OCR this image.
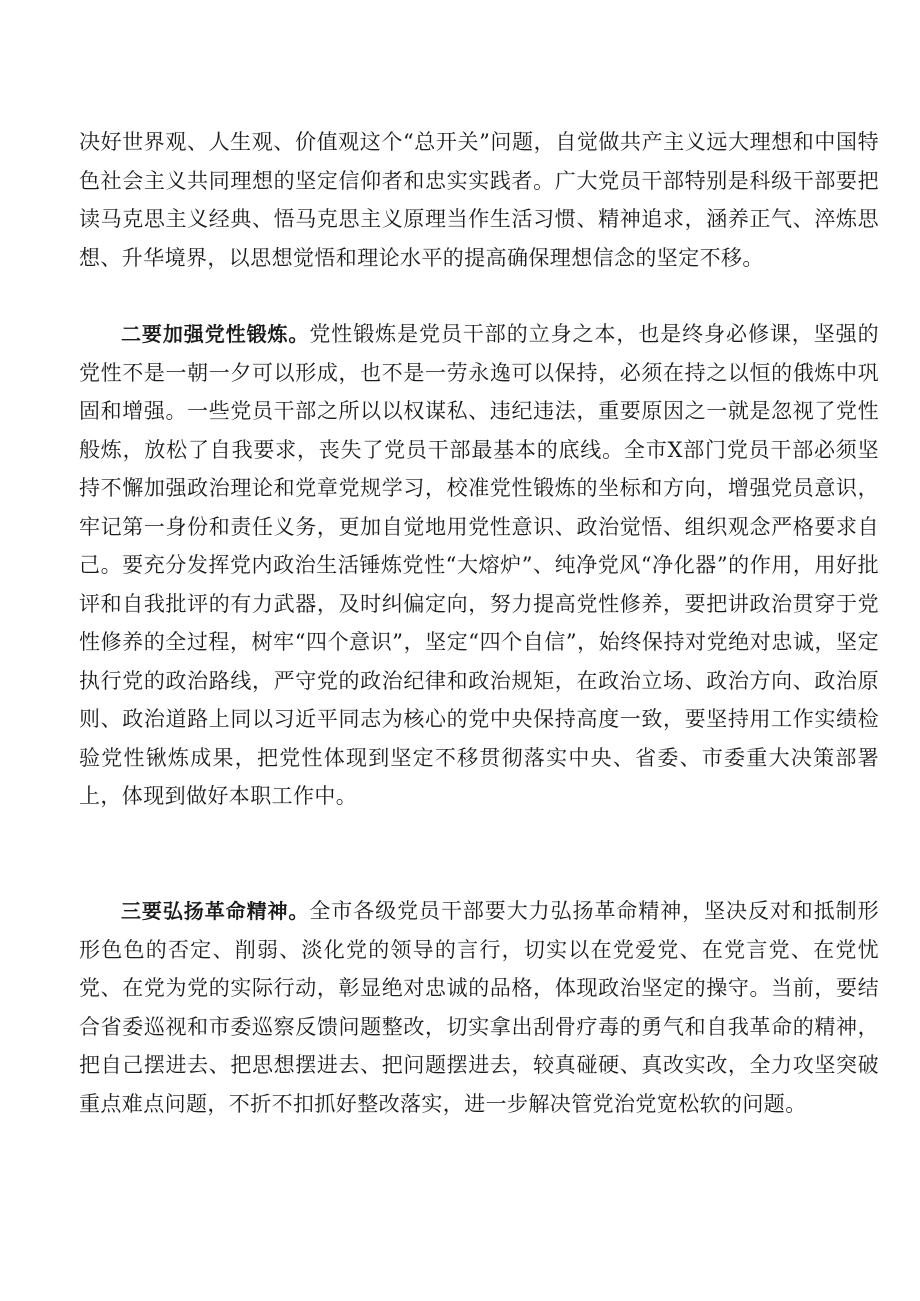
决好世界观、人生观、价值观这个“总开关”问题，自觉做共产主义远大理想和中国特色社会主义共同理想的坚定信仰者和忠实实践者。广大党员干部特别是科级干部要把读马克思主义经典、悟马克思主义原理当作生活习惯、精神追求，涵养正气、淬炼思想、升华境界，以思想觉悟和理论水平的提高确保理想信念的坚定不移。

二要加强党性锻炼。党性锻炼是党员干部的立身之本，也是终身必修课，坚强的党性不是一朝一夕可以形成，也不是一劳永逸可以保持，必须在持之以恒的俄炼中巩固和增强。一些党员干部之所以以权谋私、违纪违法，重要原因之一就是忽视了党性般炼，放松了自我要求，丧失了党员干部最基本的底线。全市X部门党员干部必须坚持不懈加强政治理论和党章党规学习，校准党性锻炼的坐标和方向，增强党员意识，牢记第一身份和责任义务，更加自觉地用党性意识、政治觉悟、组织观念严格要求自己。要充分发挥党内政治生活锤炼党性“大熔炉”、纯净党风“净化器”的作用，用好批评和自我批评的有力武器，及时纠偏定向，努力提高党性修养，要把讲政治贯穿于党性修养的全过程，树牢“四个意识”，坚定“四个自信”，始终保持对党绝对忠诚，坚定执行党的政治路线，严守党的政治纪律和政治规矩，在政治立场、政治方向、政治原则、政治道路上同以习近平同志为核心的党中央保持高度一致，要坚持用工作实绩检验党性锹炼成果，把党性体现到坚定不移贯彻落实中央、省委、市委重大决策部署上，体现到做好本职工作中。

三要弘扬革命精神。全市各级党员干部要大力弘扬革命精神，坚决反对和抵制形形色色的否定、削弱、淡化党的领导的言行，切实以在党爱党、在党言党、在党忧党、在党为党的实际行动，彰显绝对忠诚的品格，体现政治坚定的操守。当前，要结合省委巡视和市委巡察反馈问题整改，切实拿出刮骨疗毒的勇气和自我革命的精神，把自己摆进去、把思想摆进去、把问题摆进去，较真碰硬、真改实改，全力攻坚突破重点难点问题，不折不扣抓好整改落实，进一步解决管党治党宽松软的问题。
